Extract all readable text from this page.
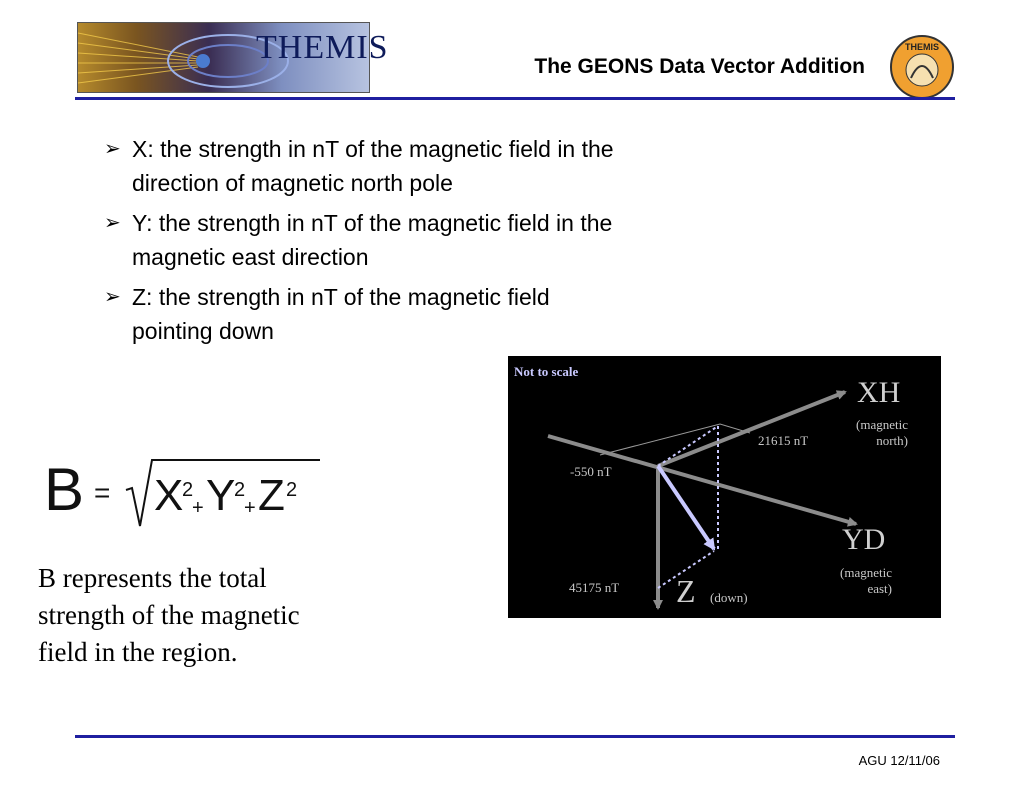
THEMIS
The GEONS Data Vector Addition
THEMIS
➢ X: the strength in nT of the magnetic field in the direction of magnetic north pole
➢ Y: the strength in nT of the magnetic field in the magnetic east direction
➢ Z: the strength in nT of the magnetic field pointing down
B = X
2
+ Y
2
+ Z 2
B represents the total strength of the magnetic field in the region.
Not to scale
XH
(magnetic
north)
YD
(magnetic
east)
Z (down)
21615 nT
-550 nT
45175 nT
AGU 12/11/06
